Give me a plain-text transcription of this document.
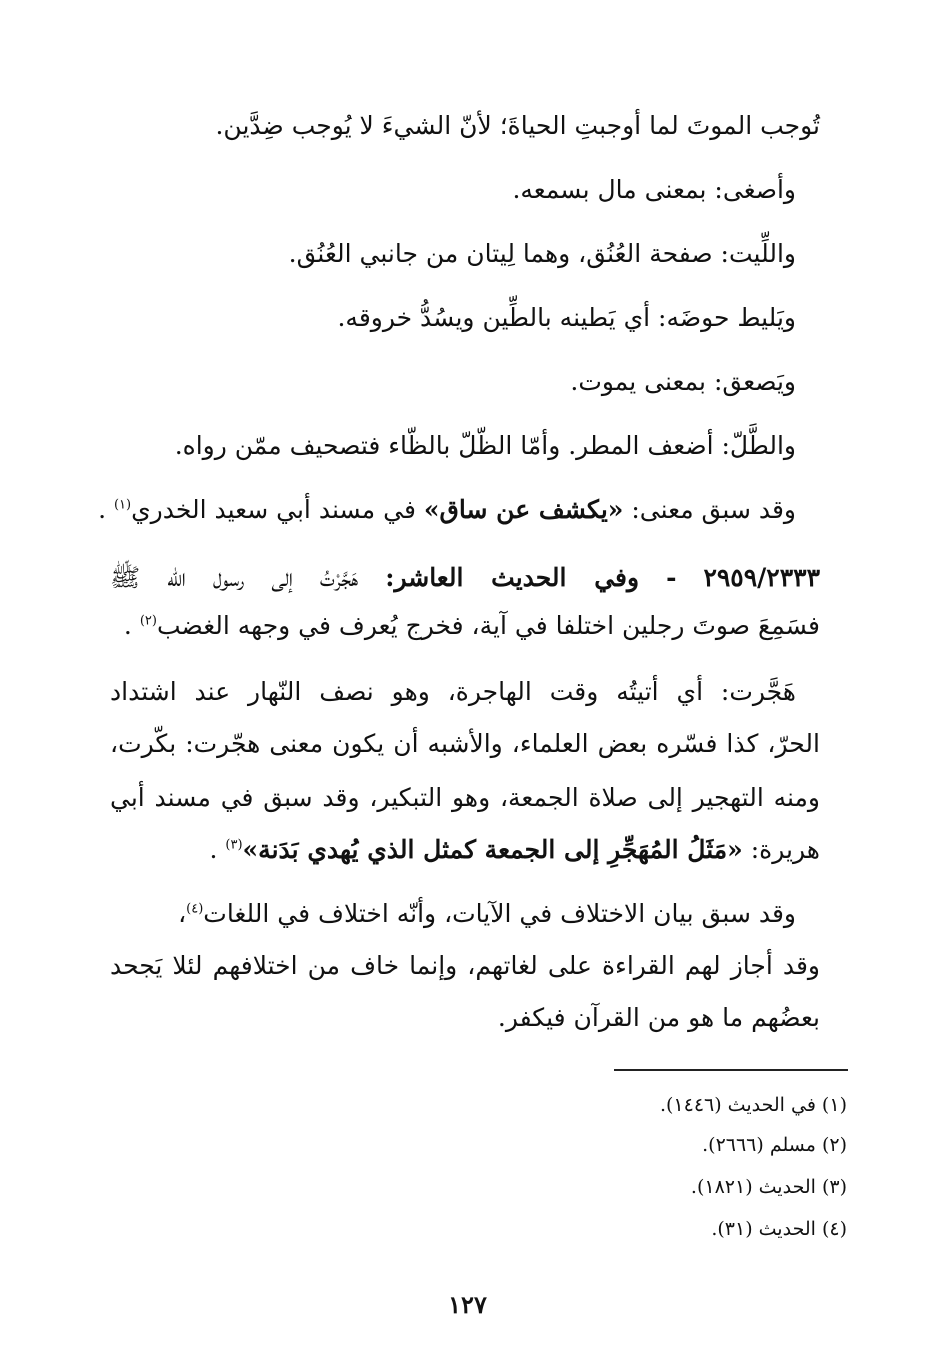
تُوجب الموتَ لما أوجبتِ الحياةَ؛ لأنّ الشيءَ لا يُوجب ضِدَّين.
وأصغى: بمعنى مال بسمعه.
واللِّيت: صفحة العُنُق، وهما لِيتان من جانبي العُنُق.
ويَليط حوضَه: أي يَطينه بالطِّين ويسُدُّ خروقه.
ويَصعق: بمعنى يموت.
والطَّلّ: أضعف المطر. وأمّا الظّلّ بالظّاء فتصحيف ممّن رواه.
وقد سبق معنى: «يكشف عن ساق» في مسند أبي سعيد الخدري$^{(١)}$ .
٢٩٥٩/٢٣٣٣ - وفي الحديث العاشر: هَجَّرْتُ إلى رسول الله ﷺ
فسَمِعَ صوتَ رجلين اختلفا في آية، فخرج يُعرف في وجهه الغضب$^{(٢)}$ .
هَجَّرت: أي أتيتُه وقت الهاجرة، وهو نصف النّهار عند اشتداد
الحرّ، كذا فسّره بعض العلماء، والأشبه أن يكون معنى هجّرت: بكّرت،
ومنه التهجير إلى صلاة الجمعة، وهو التبكير، وقد سبق في مسند أبي
هريرة: «مَثَلُ المُهَجِّرِ إلى الجمعة كمثل الذي يُهدي بَدَنة»$^{(٣)}$ .
وقد سبق بيان الاختلاف في الآيات، وأنّه اختلاف في اللغات$^{(٤)}$،
وقد أجاز لهم القراءة على لغاتهم، وإنما خاف من اختلافهم لئلا يَجحد
بعضُهم ما هو من القرآن فيكفر.
(١) في الحديث (١٤٤٦).
(٢) مسلم (٢٦٦٦).
(٣) الحديث (١٨٢١).
(٤) الحديث (٣١).
١٢٧
